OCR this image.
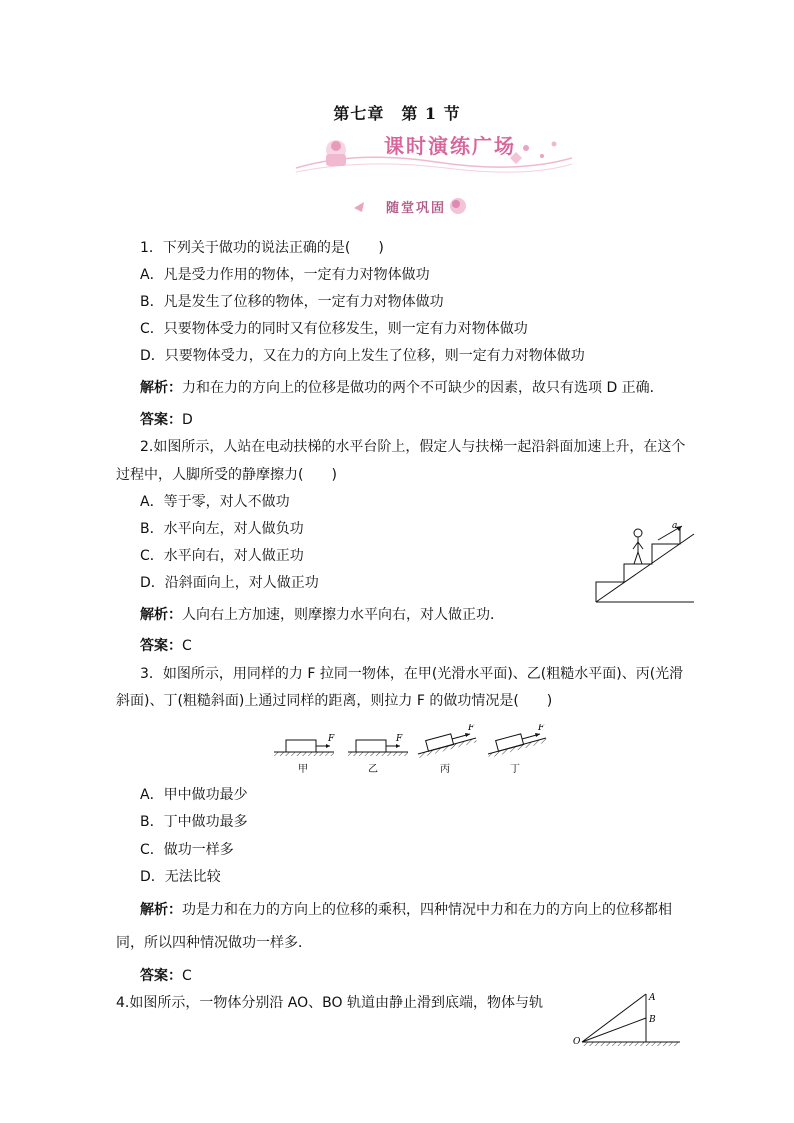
第七章　第 1 节
课时演练广场
随堂巩固
1．下列关于做功的说法正确的是(　　)
A．凡是受力作用的物体，一定有力对物体做功
B．凡是发生了位移的物体，一定有力对物体做功
C．只要物体受力的同时又有位移发生，则一定有力对物体做功
D．只要物体受力，又在力的方向上发生了位移，则一定有力对物体做功
解析：力和在力的方向上的位移是做功的两个不可缺少的因素，故只有选项 D 正确．
答案：D
2.如图所示，人站在电动扶梯的水平台阶上，假定人与扶梯一起沿斜面加速上升，在这个
过程中，人脚所受的静摩擦力(　　)
A．等于零，对人不做功
B．水平向左，对人做负功
C．水平向右，对人做正功
D．沿斜面向上，对人做正功
解析：人向右上方加速，则摩擦力水平向右，对人做正功．
答案：C
a
3．如图所示，用同样的力 F 拉同一物体，在甲(光滑水平面)、乙(粗糙水平面)、丙(光滑
斜面)、丁(粗糙斜面)上通过同样的距离，则拉力 F 的做功情况是(　　)
F	F
F	F
甲	乙	丙	丁
A．甲中做功最少
B．丁中做功最多
C．做功一样多
D．无法比较
解析：功是力和在力的方向上的位移的乘积，四种情况中力和在力的方向上的位移都相
同，所以四种情况做功一样多．
答案：C
4.如图所示，一物体分别沿 AO、BO 轨道由静止滑到底端，物体与轨	A
B
O
